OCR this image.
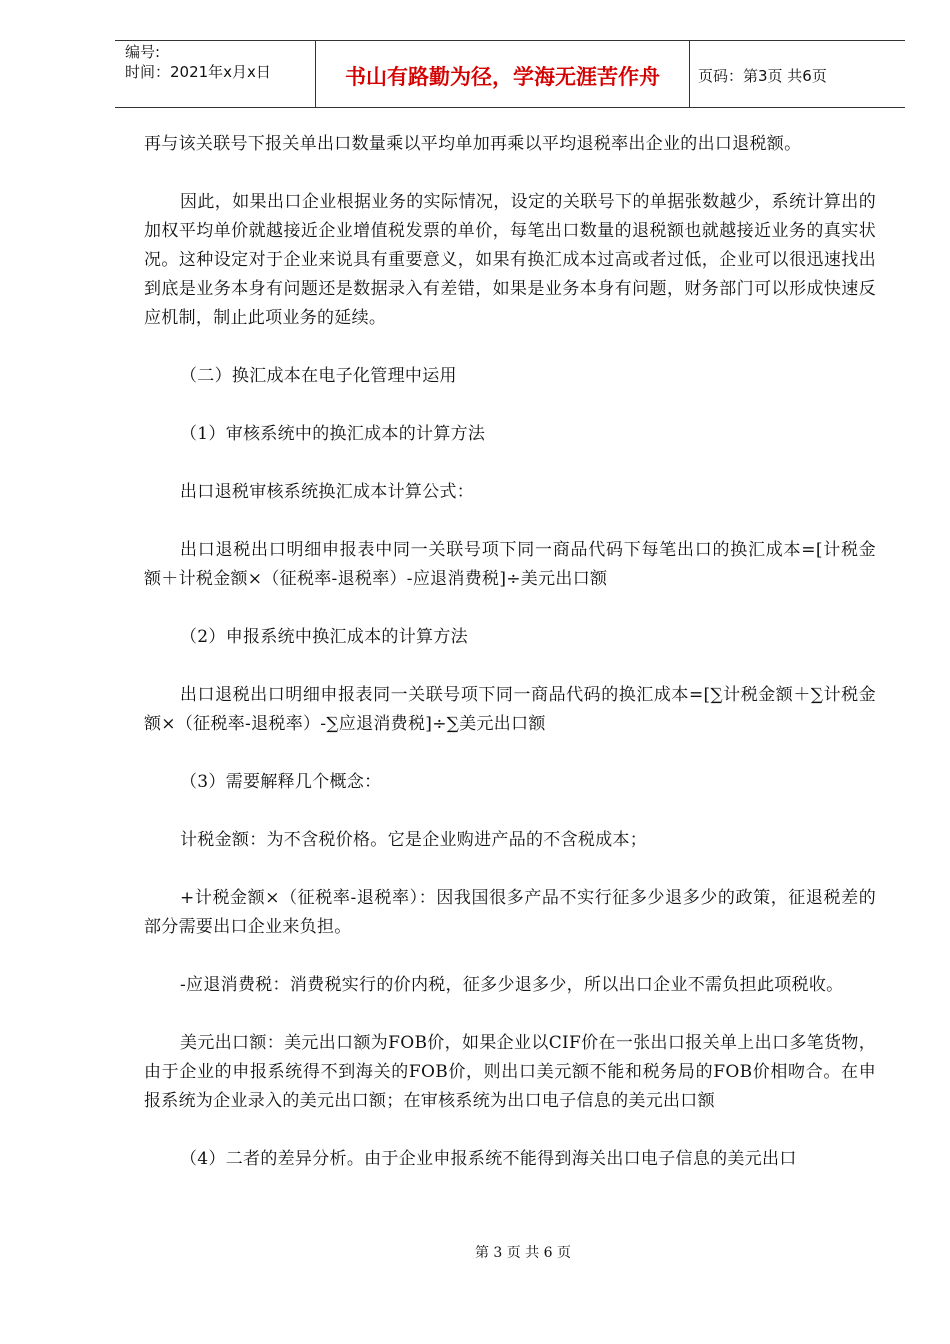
编号:
时间：2021年x月x日	书山有路勤为径，学海无涯苦作舟	页码：第3页 共6页

再与该关联号下报关单出口数量乘以平均单加再乘以平均退税率出企业的出口退税额。

因此，如果出口企业根据业务的实际情况，设定的关联号下的单据张数越少，系统计算出的加权平均单价就越接近企业增值税发票的单价，每笔出口数量的退税额也就越接近业务的真实状况。这种设定对于企业来说具有重要意义，如果有换汇成本过高或者过低，企业可以很迅速找出到底是业务本身有问题还是数据录入有差错，如果是业务本身有问题，财务部门可以形成快速反应机制，制止此项业务的延续。

（二）换汇成本在电子化管理中运用

（1）审核系统中的换汇成本的计算方法

出口退税审核系统换汇成本计算公式：

出口退税出口明细申报表中同一关联号项下同一商品代码下每笔出口的换汇成本=[计税金额＋计税金额×（征税率-退税率）-应退消费税]÷美元出口额

（2）申报系统中换汇成本的计算方法

出口退税出口明细申报表同一关联号项下同一商品代码的换汇成本=[∑计税金额＋∑计税金额×（征税率-退税率）-∑应退消费税]÷∑美元出口额

（3）需要解释几个概念：

计税金额：为不含税价格。它是企业购进产品的不含税成本；

+计税金额×（征税率-退税率）：因我国很多产品不实行征多少退多少的政策，征退税差的部分需要出口企业来负担。

-应退消费税：消费税实行的价内税，征多少退多少，所以出口企业不需负担此项税收。

美元出口额：美元出口额为FOB价，如果企业以CIF价在一张出口报关单上出口多笔货物，由于企业的申报系统得不到海关的FOB价，则出口美元额不能和税务局的FOB价相吻合。在申报系统为企业录入的美元出口额；在审核系统为出口电子信息的美元出口额

（4）二者的差异分析。由于企业申报系统不能得到海关出口电子信息的美元出口

第 3 页 共 6 页
